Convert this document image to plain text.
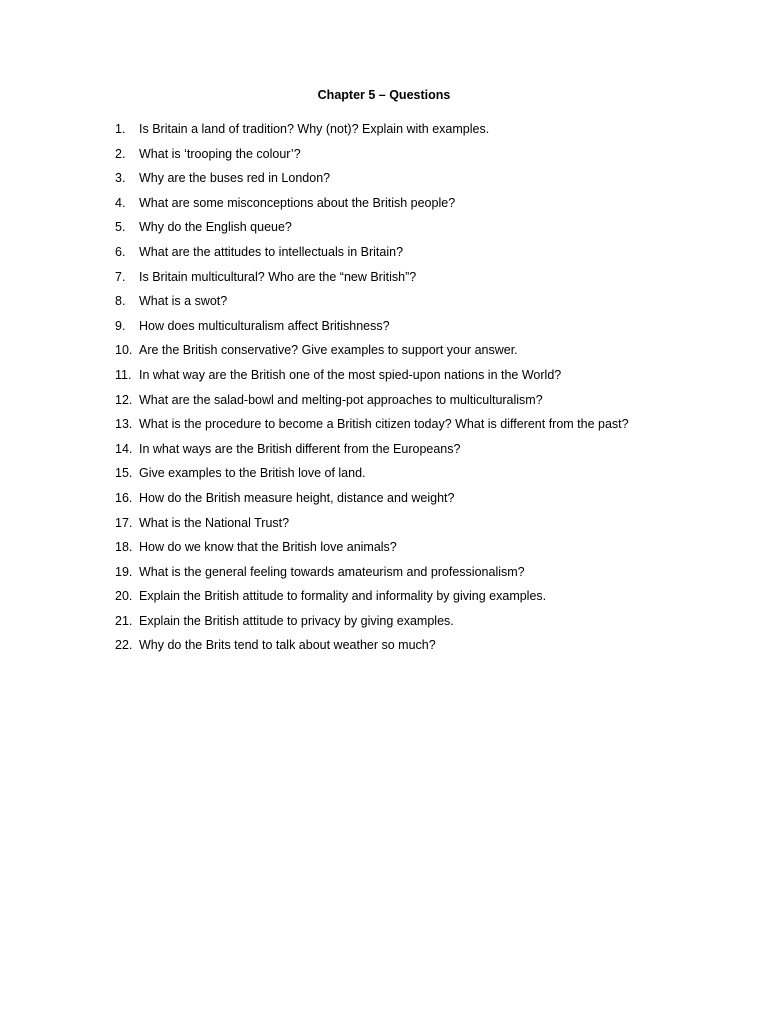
Chapter 5 – Questions
1. Is Britain a land of tradition? Why (not)? Explain with examples.
2. What is ‘trooping the colour’?
3. Why are the buses red in London?
4. What are some misconceptions about the British people?
5. Why do the English queue?
6. What are the attitudes to intellectuals in Britain?
7. Is Britain multicultural? Who are the “new British”?
8. What is a swot?
9. How does multiculturalism affect Britishness?
10. Are the British conservative? Give examples to support your answer.
11. In what way are the British one of the most spied-upon nations in the World?
12. What are the salad-bowl and melting-pot approaches to multiculturalism?
13. What is the procedure to become a British citizen today? What is different from the past?
14. In what ways are the British different from the Europeans?
15. Give examples to the British love of land.
16. How do the British measure height, distance and weight?
17. What is the National Trust?
18. How do we know that the British love animals?
19. What is the general feeling towards amateurism and professionalism?
20. Explain the British attitude to formality and informality by giving examples.
21. Explain the British attitude to privacy by giving examples.
22. Why do the Brits tend to talk about weather so much?
